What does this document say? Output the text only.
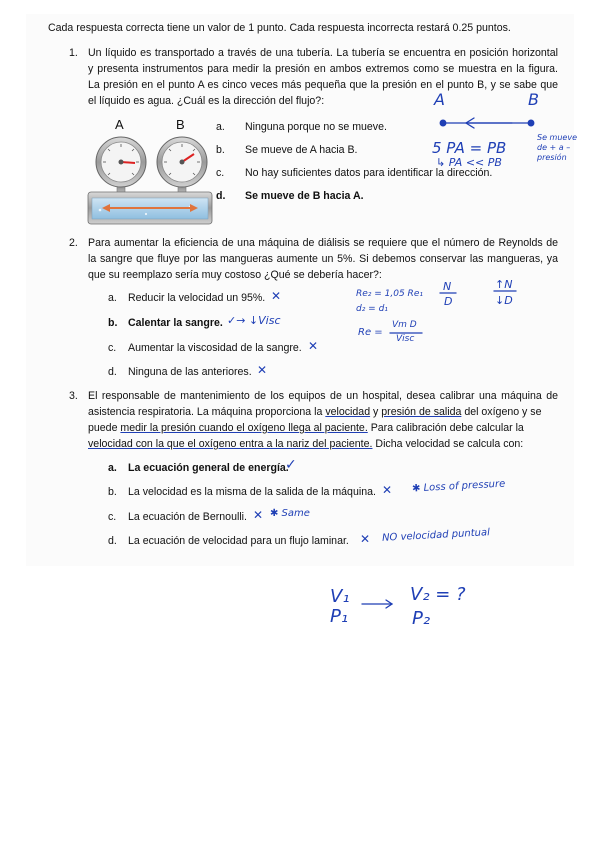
Cada respuesta correcta tiene un valor de 1 punto. Cada respuesta incorrecta restará 0.25 puntos.
1. Un líquido es transportado a través de una tubería. La tubería se encuentra en posición horizontal
y presenta instrumentos para medir la presión en ambos extremos como se muestra en la figura.
La presión en el punto A es cinco veces más pequeña que la presión en el punto B, y se sabe que
el líquido es agua. ¿Cuál es la dirección del flujo?:
A	B	a. Ninguna porque no se mueve.
b. Se mueve de A hacia B.
c. No hay suficientes datos para identificar la dirección.
d. Se mueve de B hacia A.
2. Para aumentar la eficiencia de una máquina de diálisis se requiere que el número de Reynolds de
la sangre que fluye por las mangueras aumente un 5%. Si debemos conservar las mangueras, ya
que su reemplazo sería muy costoso ¿Qué se debería hacer?:
a. Reducir la velocidad un 95%.
b. Calentar la sangre.
c. Aumentar la viscosidad de la sangre.
d. Ninguna de las anteriores.
3. El responsable de mantenimiento de los equipos de un hospital, desea calibrar una máquina de
asistencia respiratoria. La máquina proporciona la velocidad y presión de salida del oxígeno y se
puede medir la presión cuando el oxígeno llega al paciente. Para calibración debe calcular la
velocidad con la que el oxígeno entra a la nariz del paciente. Dicha velocidad se calcula con:
a. La ecuación general de energía.
b. La velocidad es la misma de la salida de la máquina.
c. La ecuación de Bernoulli.
d. La ecuación de velocidad para un flujo laminar.
A	B
5 PA = PB
↳ PA << PB
Se mueve
de + a –
presión
Re₂ = 1,05 Re₁
d₂ = d₁
Re =
Vm D
Visc
N
D
↑N
↓D
✓→ ↓Visc
✕
✕
✕
✓
✕ ✱ Loss of pressure
✕ ✱ Same
✕ NO velocidad puntual
V₁
P₁
V₂ = ?
P₂
